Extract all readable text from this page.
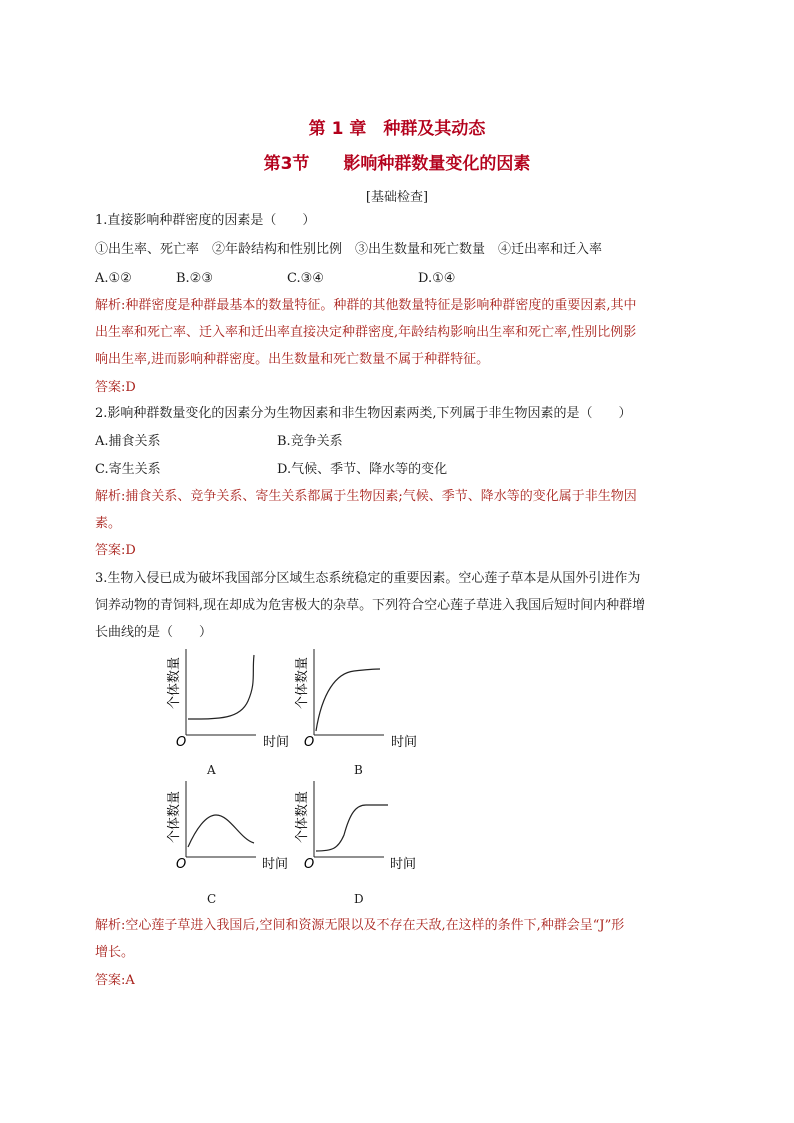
第 1 章　种群及其动态
第3节　　影响种群数量变化的因素
[基础检查]
1.直接影响种群密度的因素是（　　）
①出生率、死亡率　②年龄结构和性别比例　③出生数量和死亡数量　④迁出率和迁入率
A.①②	B.②③	C.③④	D.①④
解析:种群密度是种群最基本的数量特征。种群的其他数量特征是影响种群密度的重要因素,其中
出生率和死亡率、迁入率和迁出率直接决定种群密度,年龄结构影响出生率和死亡率,性别比例影
响出生率,进而影响种群密度。出生数量和死亡数量不属于种群特征。
答案:D
2.影响种群数量变化的因素分为生物因素和非生物因素两类,下列属于非生物因素的是（　　）
A.捕食关系	B.竞争关系
C.寄生关系	D.气候、季节、降水等的变化
解析:捕食关系、竞争关系、寄生关系都属于生物因素;气候、季节、降水等的变化属于非生物因
素。
答案:D
3.生物入侵已成为破坏我国部分区域生态系统稳定的重要因素。空心莲子草本是从国外引进作为
饲养动物的青饲料,现在却成为危害极大的杂草。下列符合空心莲子草进入我国后短时间内种群增
长曲线的是（　　）
个体数量
O	时间
A
个体数量
O	时间
B
个体数量
O	时间
C
个体数量
O	时间
D
解析:空心莲子草进入我国后,空间和资源无限以及不存在天敌,在这样的条件下,种群会呈“J”形
增长。
答案:A
